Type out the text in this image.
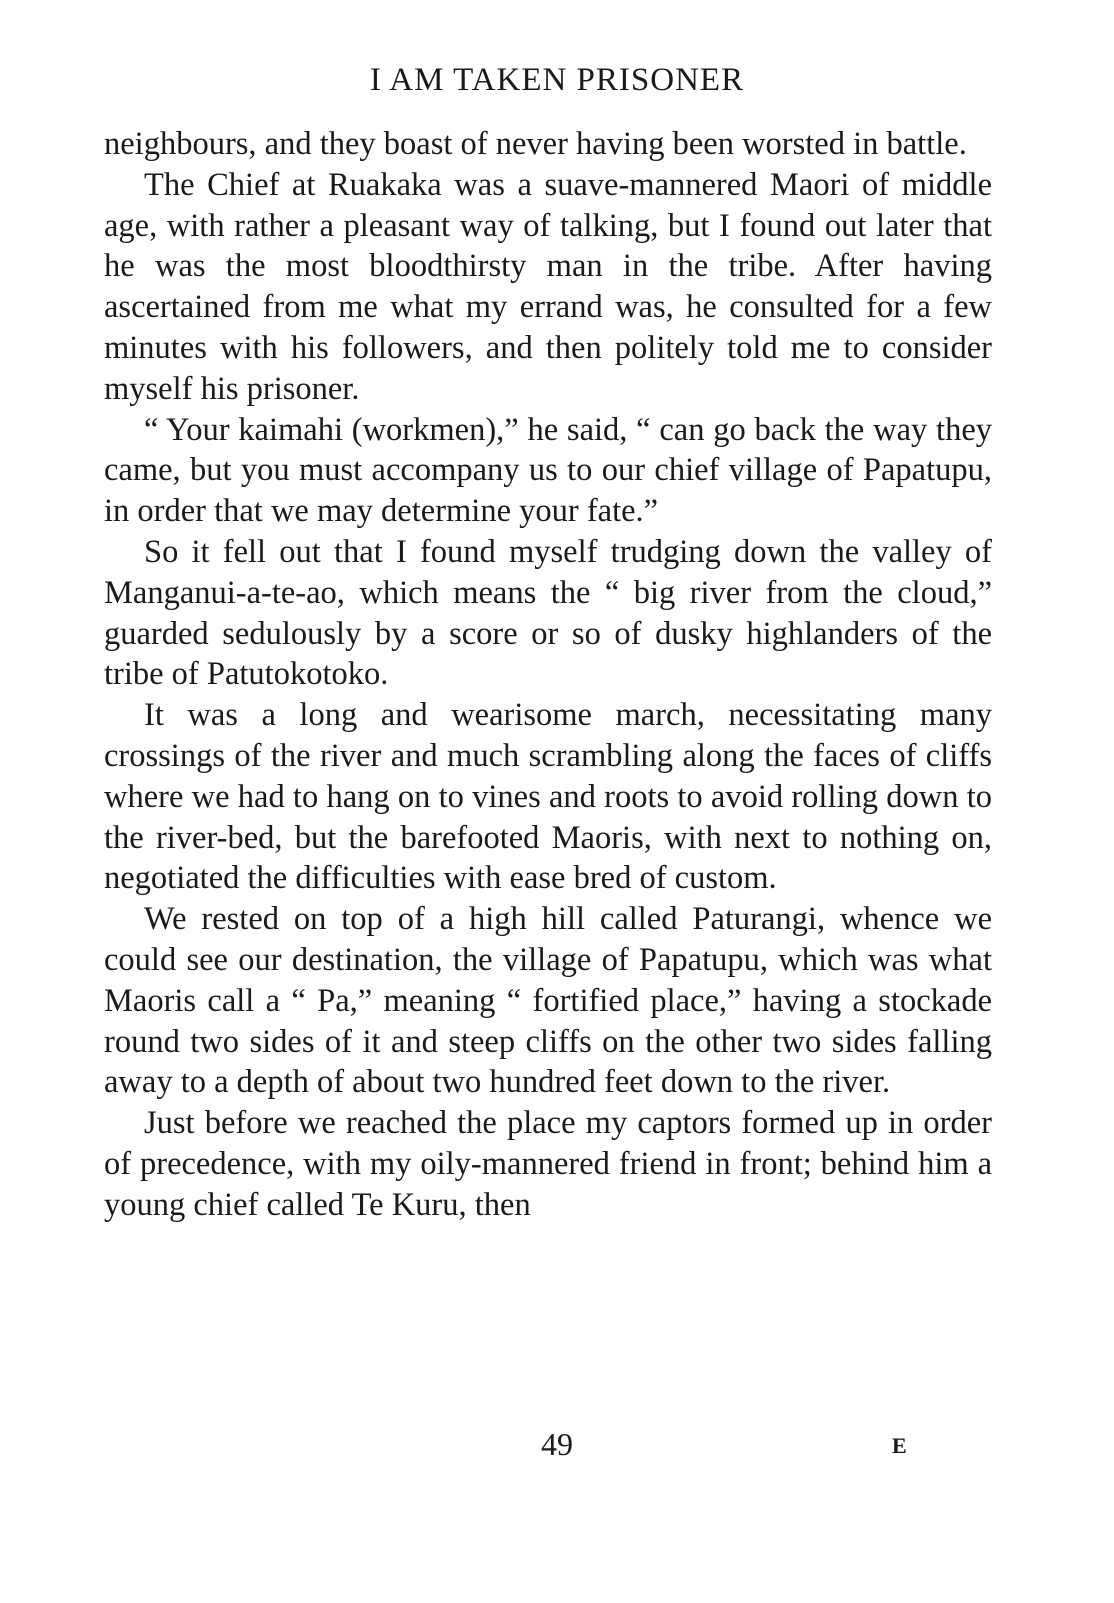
I AM TAKEN PRISONER

neighbours, and they boast of never having been worsted in battle.

The Chief at Ruakaka was a suave-mannered Maori of middle age, with rather a pleasant way of talking, but I found out later that he was the most bloodthirsty man in the tribe. After having ascertained from me what my errand was, he consulted for a few minutes with his followers, and then politely told me to consider myself his prisoner.

“ Your kaimahi (workmen),” he said, “ can go back the way they came, but you must accompany us to our chief village of Papatupu, in order that we may determine your fate.”

So it fell out that I found myself trudging down the valley of Manganui-a-te-ao, which means the “ big river from the cloud,” guarded sedulously by a score or so of dusky highlanders of the tribe of Patutokotoko.

It was a long and wearisome march, necessitating many crossings of the river and much scrambling along the faces of cliffs where we had to hang on to vines and roots to avoid rolling down to the river-bed, but the barefooted Maoris, with next to nothing on, negotiated the difficulties with ease bred of custom.

We rested on top of a high hill called Paturangi, whence we could see our destination, the village of Papatupu, which was what Maoris call a “ Pa,” meaning “ fortified place,” having a stockade round two sides of it and steep cliffs on the other two sides falling away to a depth of about two hundred feet down to the river.

Just before we reached the place my captors formed up in order of precedence, with my oily-mannered friend in front; behind him a young chief called Te Kuru, then

49	E
